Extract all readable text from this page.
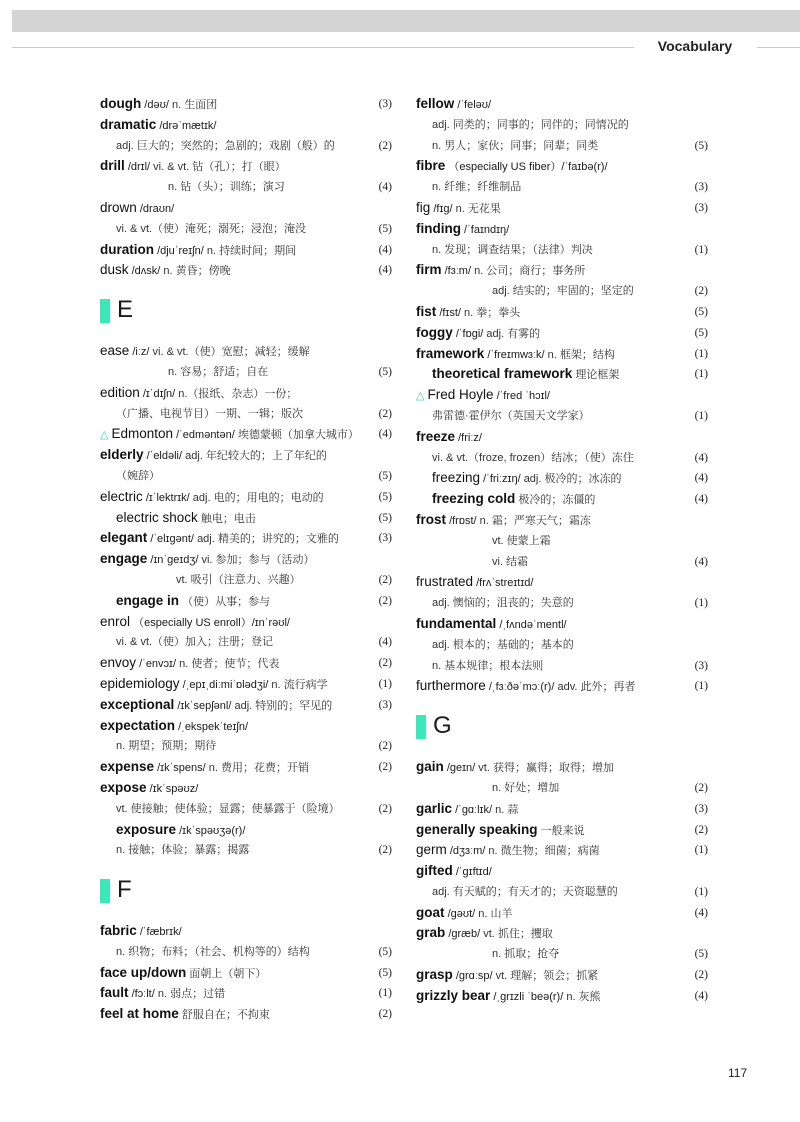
Vocabulary
dough /dəʊ/ n. 生面团	(3)
dramatic /drəˈmætɪk/
adj. 巨大的；突然的；急剧的；戏剧（般）的	(2)
drill /drɪl/ vi. & vt. 钻（孔）；打（眼）
n. 钻（头）；训练；演习	(4)
drown /draʊn/
vi. & vt.（使）淹死；溺死；浸泡；淹没	(5)
duration /djuˈreɪʃn/ n. 持续时间；期间	(4)
dusk /dʌsk/ n. 黄昏；傍晚	(4)
E
ease /iːz/ vi. & vt.（使）宽慰；减轻；缓解
n. 容易；舒适；自在	(5)
edition /ɪˈdɪʃn/ n.（报纸、杂志）一份；
（广播、电视节目）一期、一辑；版次	(2)
△ Edmonton /ˈedməntən/ 埃德蒙顿（加拿大城市） (4)
elderly /ˈeldəli/ adj. 年纪较大的；上了年纪的
（婉辞）	(5)
electric /ɪˈlektrɪk/ adj. 电的；用电的；电动的	(5)
electric shock 触电；电击	(5)
elegant /ˈelɪgənt/ adj. 精美的；讲究的；文雅的	(3)
engage /ɪnˈgeɪdʒ/ vi. 参加；参与（活动）
vt. 吸引（注意力、兴趣）	(2)
engage in （使）从事；参与	(2)
enrol （especially US enroll）/ɪnˈrəʊl/
vi. & vt.（使）加入；注册；登记	(4)
envoy /ˈenvɔɪ/ n. 使者；使节；代表	(2)
epidemiology /ˌepɪˌdiːmiˈɒlədʒi/ n. 流行病学	(1)
exceptional /ɪkˈsepʃənl/ adj. 特别的；罕见的	(3)
expectation /ˌekspekˈteɪʃn/
n. 期望；预期；期待	(2)
expense /ɪkˈspens/ n. 费用；花费；开销	(2)
expose /ɪkˈspəʊz/
vt. 使接触；使体验；显露；使暴露于（险境）	(2)
exposure /ɪkˈspəʊʒə(r)/
n. 接触；体验；暴露；揭露	(2)
F
fabric /ˈfæbrɪk/
n. 织物；布料；（社会、机构等的）结构	(5)
face up/down 面朝上（朝下）	(5)
fault /fɔːlt/ n. 弱点；过错	(1)
feel at home 舒服自在；不拘束	(2)
fellow /ˈfeləʊ/
adj. 同类的；同事的；同伴的；同情况的
n. 男人；家伙；同事；同辈；同类	(5)
fibre （especially US fiber）/ˈfaɪbə(r)/
n. 纤维；纤维制品	(3)
fig /fɪg/ n. 无花果	(3)
finding /ˈfaɪndɪŋ/
n. 发现；调查结果；（法律）判决	(1)
firm /fɜːm/ n. 公司；商行；事务所
adj. 结实的；牢固的；坚定的	(2)
fist /fɪst/ n. 拳；拳头	(5)
foggy /ˈfɒgi/ adj. 有雾的	(5)
framework /ˈfreɪmwɜːk/ n. 框架；结构	(1)
theoretical framework 理论框架	(1)
△ Fred Hoyle /ˈfred ˈhɔɪl/
弗雷德·霍伊尔（英国天文学家）	(1)
freeze /friːz/
vi. & vt.（froze, frozen）结冰；（使）冻住	(4)
freezing /ˈfriːzɪŋ/ adj. 极冷的；冰冻的	(4)
freezing cold 极冷的；冻僵的	(4)
frost /frɒst/ n. 霜；严寒天气；霜冻
vt. 使蒙上霜
vi. 结霜	(4)
frustrated /frʌˈstreɪtɪd/
adj. 懊恼的；沮丧的；失意的	(1)
fundamental /ˌfʌndəˈmentl/
adj. 根本的；基础的；基本的
n. 基本规律；根本法则	(3)
furthermore /ˌfɜːðəˈmɔː(r)/ adv. 此外；再者	(1)
G
gain /geɪn/ vt. 获得；赢得；取得；增加
n. 好处；增加	(2)
garlic /ˈgɑːlɪk/ n. 蒜	(3)
generally speaking 一般来说	(2)
germ /dʒɜːm/ n. 微生物；细菌；病菌	(1)
gifted /ˈgɪftɪd/
adj. 有天赋的；有天才的；天资聪慧的	(1)
goat /gəʊt/ n. 山羊	(4)
grab /græb/ vt. 抓住；攫取
n. 抓取；抢夺	(5)
grasp /grɑːsp/ vt. 理解；领会；抓紧	(2)
grizzly bear /ˌgrɪzli ˈbeə(r)/ n. 灰熊	(4)
117
